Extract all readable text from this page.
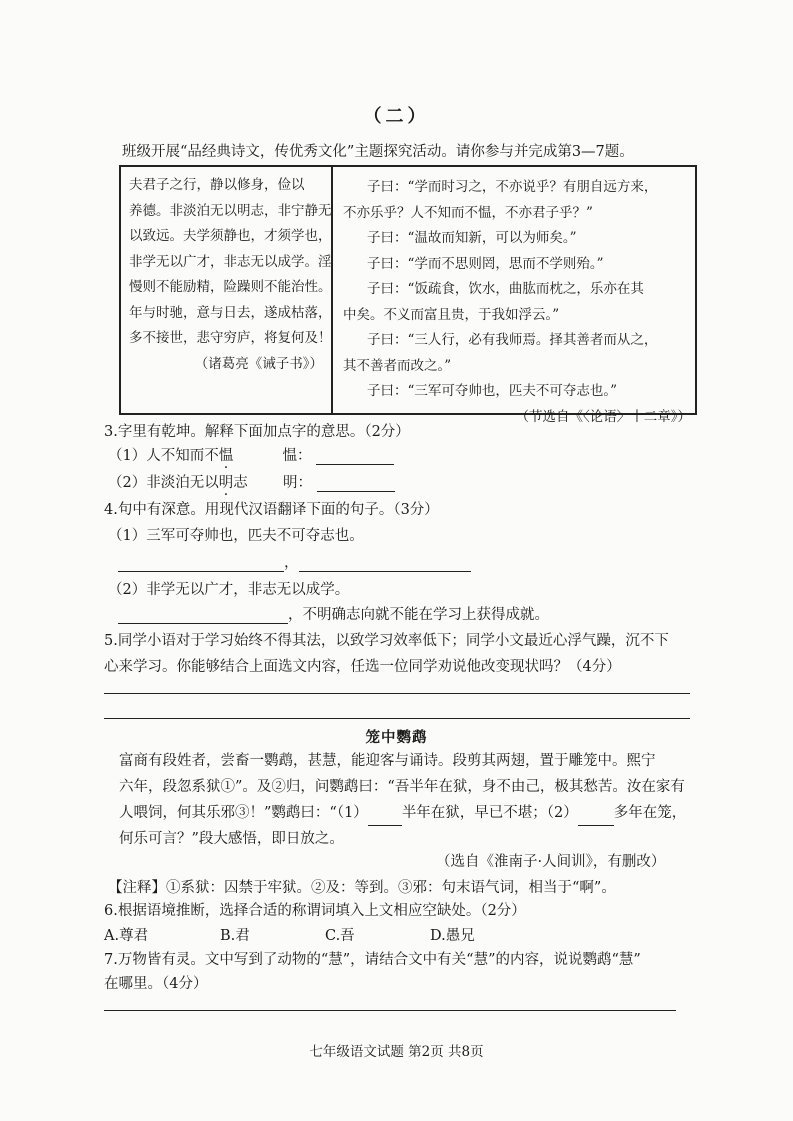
（二）
班级开展“品经典诗文，传优秀文化”主题探究活动。请你参与并完成第3—7题。
夫君子之行，静以修身，俭以
养德。非淡泊无以明志，非宁静无
以致远。夫学须静也，才须学也，
非学无以广才，非志无以成学。淫
慢则不能励精，险躁则不能治性。
年与时驰，意与日去，遂成枯落，
多不接世，悲守穷庐，将复何及！
（诸葛亮《诫子书》）
子曰：“学而时习之，不亦说乎？有朋自远方来，
不亦乐乎？人不知而不愠，不亦君子乎？”
子曰：“温故而知新，可以为师矣。”
子曰：“学而不思则罔，思而不学则殆。”
子曰：“饭疏食，饮水，曲肱而枕之，乐亦在其
中矣。不义而富且贵，于我如浮云。”
子曰：“三人行，必有我师焉。择其善者而从之，
其不善者而改之。”
子曰：“三军可夺帅也，匹夫不可夺志也。”
（节选自《〈论语〉十二章》）
3.字里有乾坤。解释下面加点字的意思。（2分）
（1）人不知而不愠	愠：
（2）非淡泊无以明志 明：
4.句中有深意。用现代汉语翻译下面的句子。（3分）
（1）三军可夺帅也，匹夫不可夺志也。
，
（2）非学无以广才，非志无以成学。
，不明确志向就不能在学习上获得成就。
5.同学小语对于学习始终不得其法，以致学习效率低下；同学小文最近心浮气躁，沉不下
心来学习。你能够结合上面选文内容，任选一位同学劝说他改变现状吗？（4分）
笼中鹦鹉
富商有段姓者，尝畜一鹦鹉，甚慧，能迎客与诵诗。段剪其两翅，置于雕笼中。熙宁
六年，段忽系狱①”。及②归，问鹦鹉曰：“吾半年在狱，身不由己，极其愁苦。汝在家有
人喂饲，何其乐邪③！”鹦鹉曰：“（1） 半年在狱，早已不堪；（2） 多年在笼，
何乐可言？”段大感悟，即日放之。
（选自《淮南子·人间训》，有删改）
【注释】①系狱：囚禁于牢狱。②及：等到。③邪：句末语气词，相当于“啊”。
6.根据语境推断，选择合适的称谓词填入上文相应空缺处。（2分）
A.尊君	B.君	C.吾	D.愚兄
7.万物皆有灵。文中写到了动物的“慧”，请结合文中有关“慧”的内容，说说鹦鹉“慧”
在哪里。（4分）
七年级语文试题 第2页 共8页
